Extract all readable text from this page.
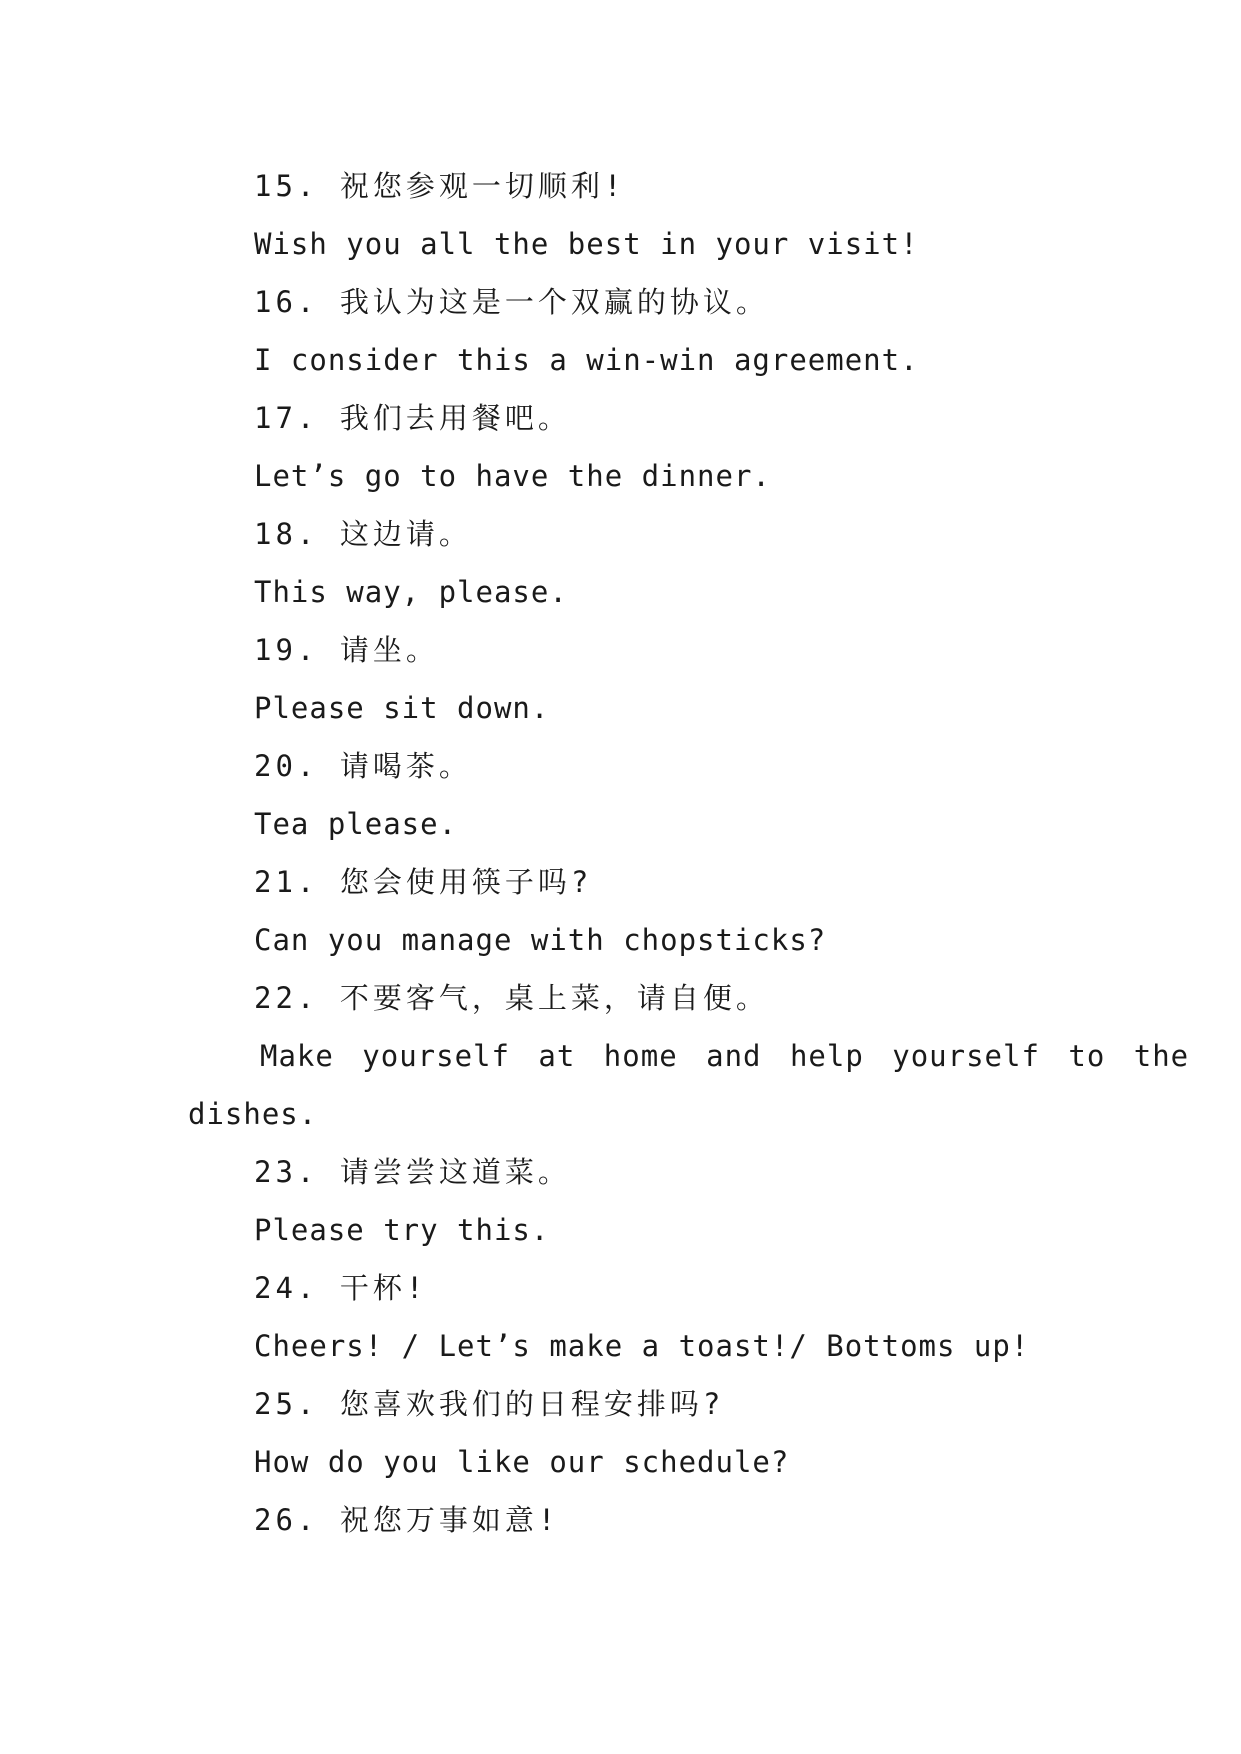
15. 祝您参观一切顺利!
Wish you all the best in your visit!
16. 我认为这是一个双赢的协议。
I consider this a win-win agreement.
17. 我们去用餐吧。
Let’s go to have the dinner.
18. 这边请。
This way, please.
19. 请坐。
Please sit down.
20. 请喝茶。
Tea please.
21. 您会使用筷子吗?
Can you manage with chopsticks?
22. 不要客气，桌上菜，请自便。
Make yourself at home and help yourself to the
dishes.
23. 请尝尝这道菜。
Please try this.
24. 干杯!
Cheers! / Let’s make a toast!/ Bottoms up!
25. 您喜欢我们的日程安排吗?
How do you like our schedule?
26. 祝您万事如意!
